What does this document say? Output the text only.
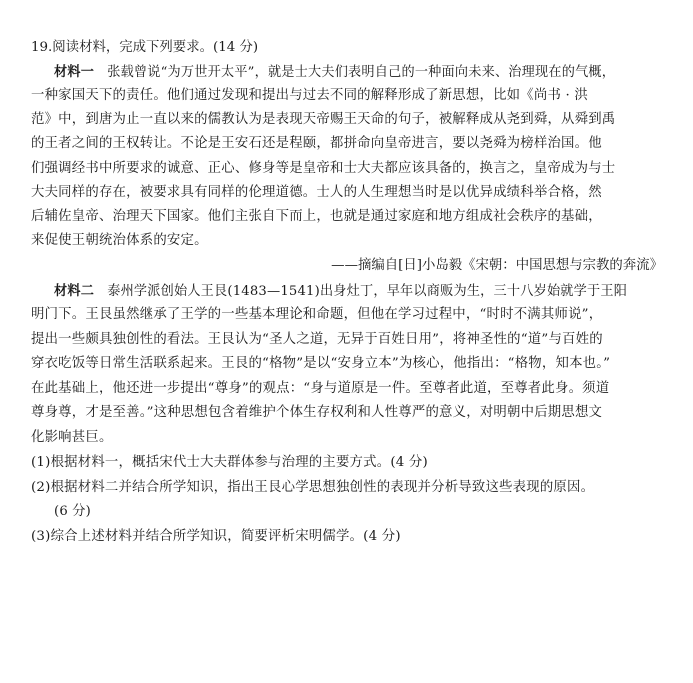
19.阅读材料，完成下列要求。(14 分)
材料一 张载曾说“为万世开太平”，就是士大夫们表明自己的一种面向未来、治理现在的气概，
一种家国天下的责任。他们通过发现和提出与过去不同的解释形成了新思想，比如《尚书 · 洪
范》中，到唐为止一直以来的儒教认为是表现天帝赐王天命的句子，被解释成从尧到舜，从舜到禹
的王者之间的王权转让。不论是王安石还是程颐，都拼命向皇帝进言，要以尧舜为榜样治国。他
们强调经书中所要求的诚意、正心、修身等是皇帝和士大夫都应该具备的，换言之，皇帝成为与士
大夫同样的存在，被要求具有同样的伦理道德。士人的人生理想当时是以优异成绩科举合格，然
后辅佐皇帝、治理天下国家。他们主张自下而上，也就是通过家庭和地方组成社会秩序的基础，
来促使王朝统治体系的安定。
——摘编自[日]小岛毅《宋朝：中国思想与宗教的奔流》
材料二 泰州学派创始人王艮(1483—1541)出身灶丁，早年以商贩为生，三十八岁始就学于王阳
明门下。王艮虽然继承了王学的一些基本理论和命题，但他在学习过程中，“时时不满其师说”，
提出一些颇具独创性的看法。王艮认为“圣人之道，无异于百姓日用”，将神圣性的“道”与百姓的
穿衣吃饭等日常生活联系起来。王艮的“格物”是以“安身立本”为核心，他指出：“格物，知本也。”
在此基础上，他还进一步提出“尊身”的观点：“身与道原是一件。至尊者此道，至尊者此身。须道
尊身尊，才是至善。”这种思想包含着维护个体生存权利和人性尊严的意义，对明朝中后期思想文
化影响甚巨。
(1)根据材料一，概括宋代士大夫群体参与治理的主要方式。(4 分)
(2)根据材料二并结合所学知识，指出王艮心学思想独创性的表现并分析导致这些表现的原因。
(6 分)
(3)综合上述材料并结合所学知识，简要评析宋明儒学。(4 分)
